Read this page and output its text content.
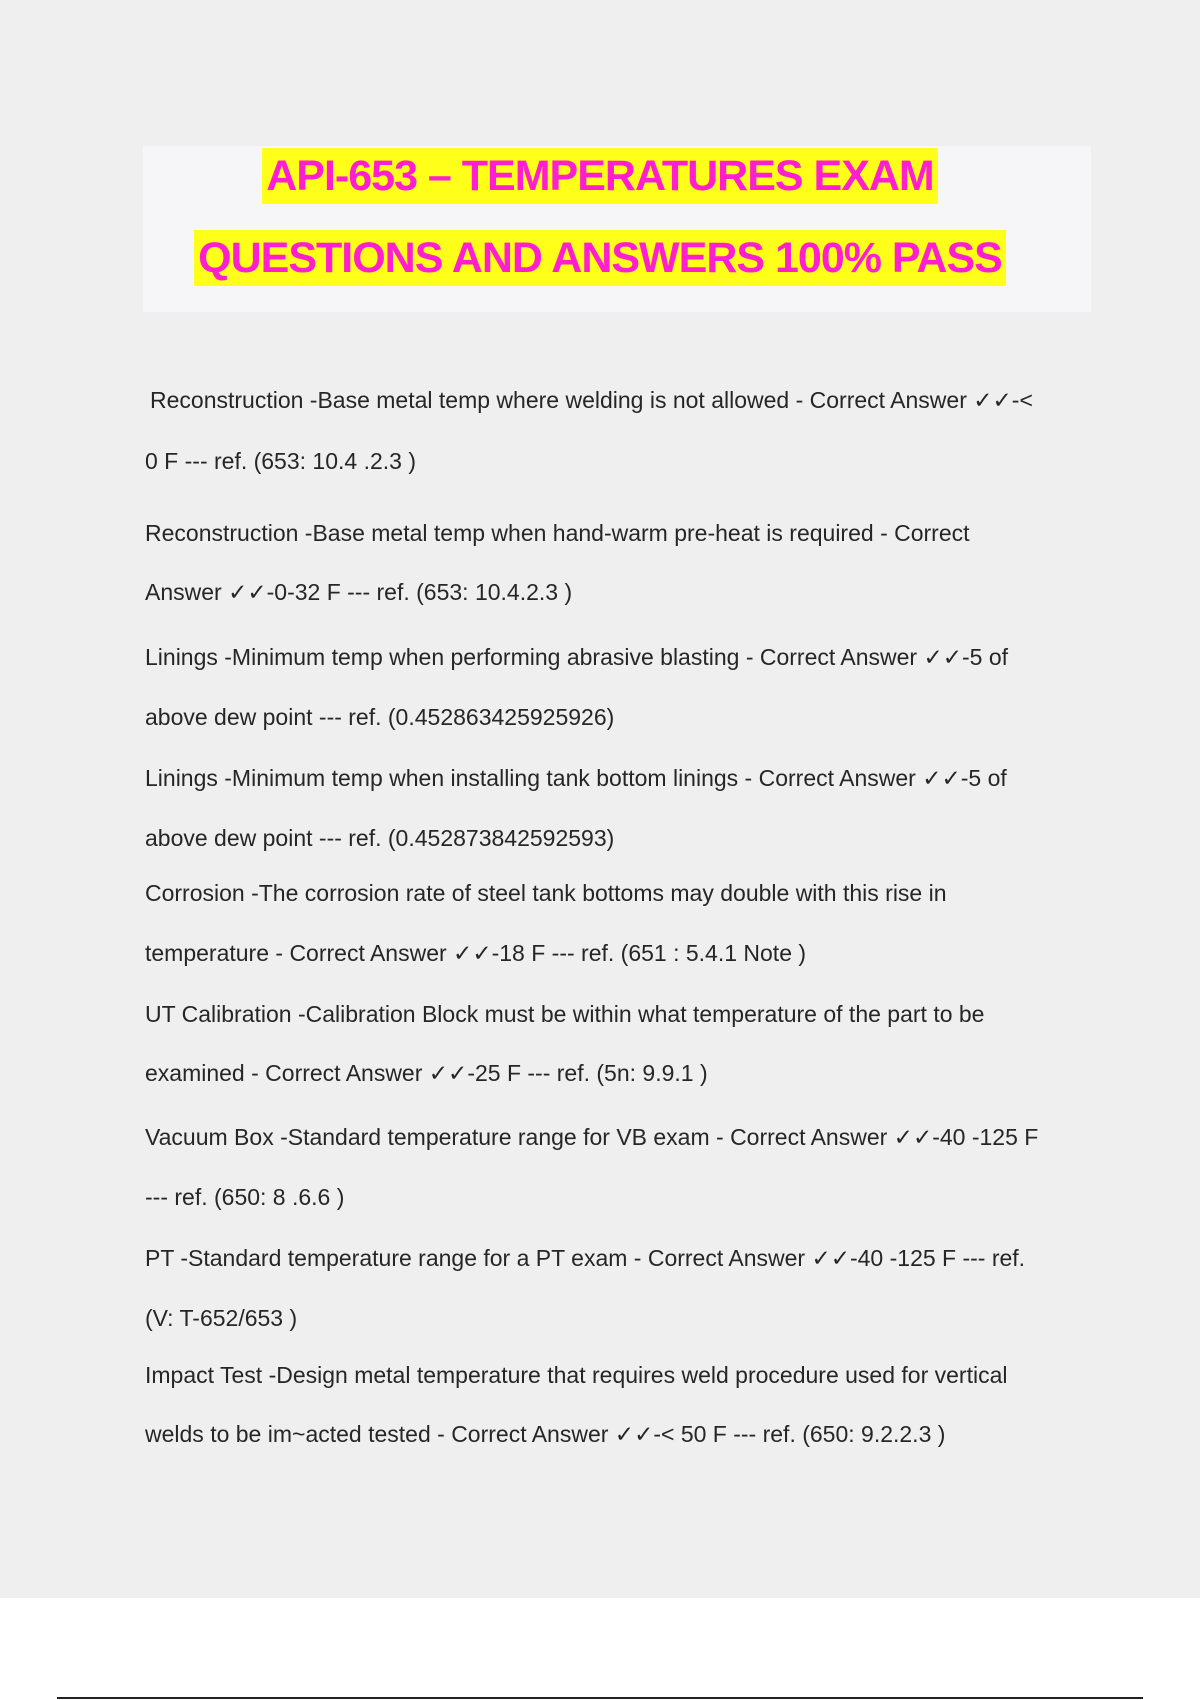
API-653 – TEMPERATURES EXAM
QUESTIONS AND ANSWERS 100% PASS
Reconstruction -Base metal temp where welding is not allowed - Correct Answer ✓✓-<
0 F --- ref. (653: 10.4 .2.3 )
Reconstruction -Base metal temp when hand-warm pre-heat is required - Correct
Answer ✓✓-0-32 F --- ref. (653: 10.4.2.3 )
Linings -Minimum temp when performing abrasive blasting - Correct Answer ✓✓-5 of
above dew point --- ref. (0.452863425925926)
Linings -Minimum temp when installing tank bottom linings - Correct Answer ✓✓-5 of
above dew point --- ref. (0.452873842592593)
Corrosion -The corrosion rate of steel tank bottoms may double with this rise in
temperature - Correct Answer ✓✓-18 F --- ref. (651 : 5.4.1 Note )
UT Calibration -Calibration Block must be within what temperature of the part to be
examined - Correct Answer ✓✓-25 F --- ref. (5n: 9.9.1 )
Vacuum Box -Standard temperature range for VB exam - Correct Answer ✓✓-40 -125 F
--- ref. (650: 8 .6.6 )
PT -Standard temperature range for a PT exam - Correct Answer ✓✓-40 -125 F --- ref.
(V: T-652/653 )
Impact Test -Design metal temperature that requires weld procedure used for vertical
welds to be im~acted tested - Correct Answer ✓✓-< 50 F --- ref. (650: 9.2.2.3 )
